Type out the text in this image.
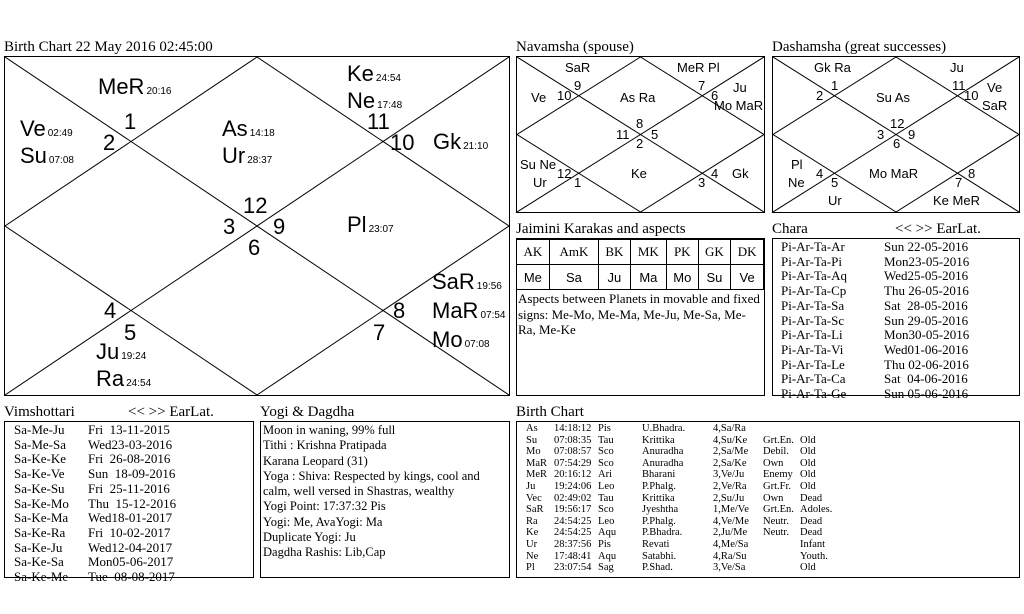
Birth Chart 22 May 2016 02:45:00
1
2
3
4
5
6
7
8
9
10
11
12
MeR 20:16
Ke 24:54
Ne 17:48
Ve 02:49
Su 07:08
As 14:18
Ur 28:37
Gk 21:10
Pl 23:07
SaR 19:56
MaR 07:54
Mo 07:08
Ju 19:24
Ra 24:54
Navamsha (spouse)
9
10
8
11 5
2
7
6
12
1
4
3
SaR	MeR Pl
Ve	As Ra
Ju
Mo MaR
Su Ne
Ur
Ke	Gk
Dashamsha (great successes)
2
1
12
11
10
3 9
6
4
5	7
8
Gk Ra	Ju
Su As
Ve
SaR
Pl
Ne
Mo MaR
Ur	Ke MeR
Jaimini Karakas and aspects
AK	AmK	BK	MK	PK	GK	DK
Me	Sa	Ju	Ma	Mo	Su	Ve
Aspects between Planets in movable and fixed signs: Me-Mo, Me-Ma, Me-Ju, Me-Sa, Me-Ra, Me-Ke
Chara	<< >> EarLat.
Pi-Ar-Ta-Ar	Sun 22-05-2016
Pi-Ar-Ta-Pi	Mon23-05-2016
Pi-Ar-Ta-Aq	Wed25-05-2016
Pi-Ar-Ta-Cp	Thu 26-05-2016
Pi-Ar-Ta-Sa	Sat  28-05-2016
Pi-Ar-Ta-Sc	Sun 29-05-2016
Pi-Ar-Ta-Li	Mon30-05-2016
Pi-Ar-Ta-Vi	Wed01-06-2016
Pi-Ar-Ta-Le	Thu 02-06-2016
Pi-Ar-Ta-Ca	Sat  04-06-2016
Pi-Ar-Ta-Ge	Sun 05-06-2016
Vimshottari	<< >> EarLat.
Sa-Me-Ju	Fri  13-11-2015
Sa-Me-Sa	Wed23-03-2016
Sa-Ke-Ke	Fri  26-08-2016
Sa-Ke-Ve	Sun  18-09-2016
Sa-Ke-Su	Fri  25-11-2016
Sa-Ke-Mo	Thu  15-12-2016
Sa-Ke-Ma	Wed18-01-2017
Sa-Ke-Ra	Fri  10-02-2017
Sa-Ke-Ju	Wed12-04-2017
Sa-Ke-Sa	Mon05-06-2017
Sa-Ke-Me	Tue  08-08-2017
Yogi & Dagdha
Moon in waning, 99% full
Tithi : Krishna Pratipada
Karana Leopard (31)
Yoga : Shiva: Respected by kings, cool and calm, well versed in Shastras, wealthy
Yogi Point: 17:37:32 Pis
Yogi: Me, AvaYogi: Ma
Duplicate Yogi: Ju
Dagdha Rashis: Lib,Cap
Birth Chart
As	14:18:12 Pis	U.Bhadra.	4,Sa/Ra
Su	07:08:35 Tau	Krittika	4,Su/Ke	Grt.En. Old
Mo	07:08:57 Sco	Anuradha	2,Sa/Me	Debil.	Old
MaR 07:54:29 Sco	Anuradha	2,Sa/Ke	Own	Old
MeR 20:16:12 Ari	Bharani	3,Ve/Ju	Enemy Old
Ju	19:24:06 Leo	P.Phalg.	2,Ve/Ra	Grt.Fr. Old
Vec	02:49:02 Tau	Krittika	2,Su/Ju	Own	Dead
SaR 19:56:17 Sco	Jyeshtha	1,Me/Ve	Grt.En. Adoles.
Ra	24:54:25 Leo	P.Phalg.	4,Ve/Me	Neutr.	Dead
Ke	24:54:25 Aqu	P.Bhadra.	2,Ju/Me	Neutr.	Dead
Ur	28:37:56 Pis	Revati	4,Me/Sa	Infant
Ne	17:48:41 Aqu	Satabhi.	4,Ra/Su	Youth.
Pl	23:07:54 Sag	P.Shad.	3,Ve/Sa	Old
